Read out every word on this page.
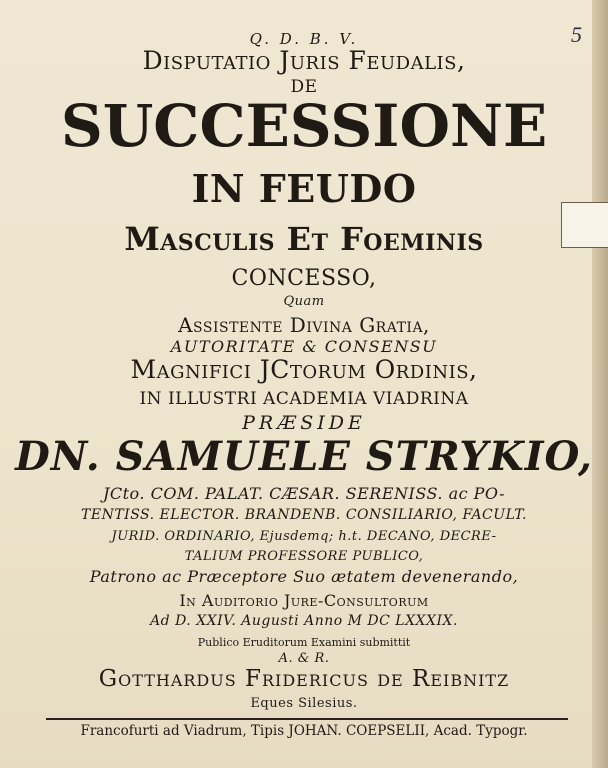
5
Q. D. B. V.
Disputatio Juris Feudalis,
DE
SUCCESSIONE
IN FEUDO
Masculis Et Foeminis
CONCESSO,
Quam
Assistente Divina Gratia,
AUTORITATE & CONSENSU
Magnifici JCtorum Ordinis,
IN ILLUSTRI ACADEMIA VIADRINA
PRÆSIDE
DN. SAMUELE STRYKIO,
JCto. COM. PALAT. CÆSAR. SERENISS. ac PO-
TENTISS. ELECTOR. BRANDENB. CONSILIARIO, FACULT.
JURID. ORDINARIO, Ejusdemq; h.t. DECANO, DECRE-
TALIUM PROFESSORE PUBLICO,
Patrono ac Præceptore Suo ætatem devenerando,
In Auditorio Jure-Consultorum
Ad D. XXIV. Augusti Anno M DC LXXXIX.
Publico Eruditorum Examini submittit
A. & R.
Gotthardus Fridericus de Reibnitz
Eques Silesius.
Francofurti ad Viadrum, Tipis JOHAN. COEPSELII, Acad. Typogr.
